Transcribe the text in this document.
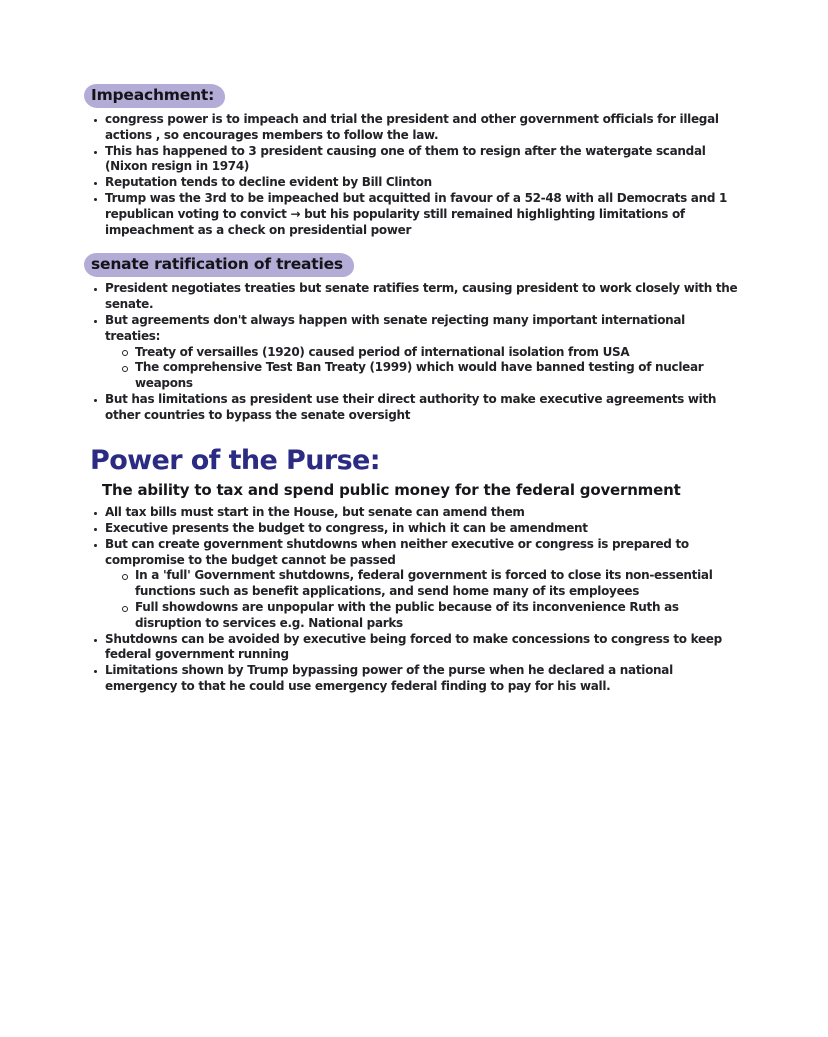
Impeachment:
congress power is to impeach and trial the president and other government officials for illegal actions , so encourages members to follow the law.
This has happened to 3 president causing one of them to resign after the watergate scandal (Nixon resign in 1974)
Reputation tends to decline evident by Bill Clinton
Trump was the 3rd to be impeached but acquitted in favour of a 52-48 with all Democrats and 1 republican voting to convict → but his popularity still remained highlighting limitations of impeachment as a check on presidential power
senate ratification of treaties
President negotiates treaties but senate ratifies term, causing president to work closely with the senate.
But agreements don't always happen with senate rejecting many important international treaties:
Treaty of versailles (1920) caused period of international isolation from USA
The comprehensive Test Ban Treaty (1999) which would have banned testing of nuclear weapons
But has limitations as president use their direct authority to make executive agreements with other countries to bypass the senate oversight
Power of the Purse:

The ability to tax and spend public money for the federal government

All tax bills must start in the House, but senate can amend them
Executive presents the budget to congress, in which it can be amendment
But can create government shutdowns when neither executive or congress is prepared to compromise to the budget cannot be passed
In a 'full' Government shutdowns, federal government is forced to close its non-essential functions such as benefit applications, and send home many of its employees
Full showdowns are unpopular with the public because of its inconvenience Ruth as disruption to services e.g. National parks
Shutdowns can be avoided by executive being forced to make concessions to congress to keep federal government running
Limitations shown by Trump bypassing power of the purse when he declared a national emergency to that he could use emergency federal finding to pay for his wall.
